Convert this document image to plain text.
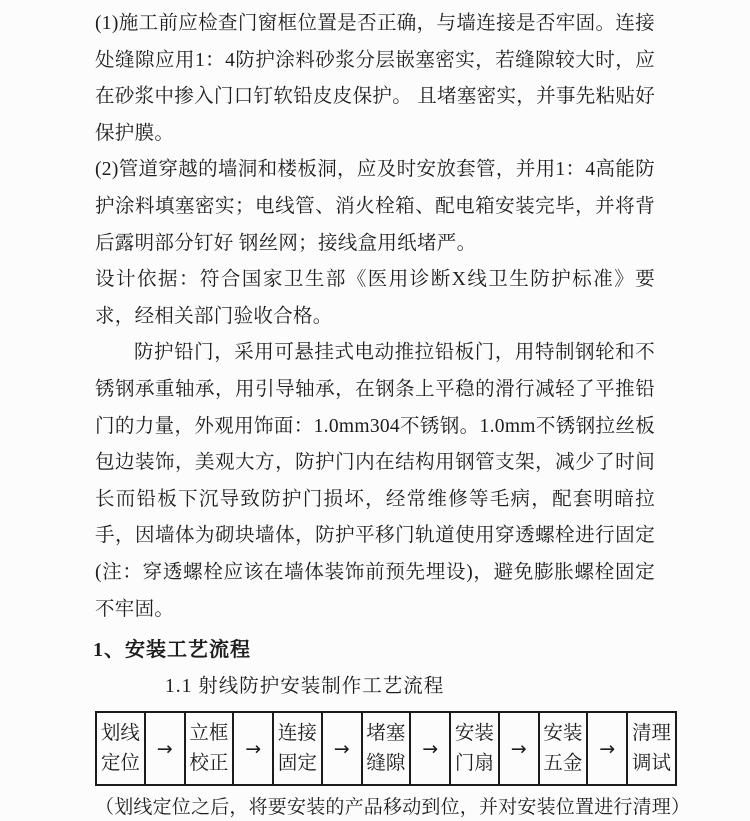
(1)施工前应检查门窗框位置是否正确，与墙连接是否牢固。连接处缝隙应用1：4防护涂料砂浆分层嵌塞密实，若缝隙较大时，应在砂浆中掺入门口钉软铅皮皮保护。 且堵塞密实，并事先粘贴好保护膜。

(2)管道穿越的墙洞和楼板洞，应及时安放套管，并用1：4高能防护涂料填塞密实；电线管、消火栓箱、配电箱安装完毕，并将背后露明部分钉好 钢丝网；接线盒用纸堵严。

设计依据：符合国家卫生部《医用诊断X线卫生防护标准》要求，经相关部门验收合格。

防护铅门，采用可悬挂式电动推拉铅板门，用特制钢轮和不锈钢承重轴承，用引导轴承，在钢条上平稳的滑行减轻了平推铅门的力量，外观用饰面：1.0mm304不锈钢。1.0mm不锈钢拉丝板包边装饰，美观大方，防护门内在结构用钢管支架，减少了时间长而铅板下沉导致防护门损坏，经常维修等毛病，配套明暗拉手，因墙体为砌块墙体，防护平移门轨道使用穿透螺栓进行固定(注：穿透螺栓应该在墙体装饰前预先埋设)，避免膨胀螺栓固定不牢固。

1、安装工艺流程

1.1 射线防护安装制作工艺流程

划线定位	→	立框校正	→	连接固定	→	堵塞缝隙	→	安装门扇	→	安装五金	→	清理调试

（划线定位之后，将要安装的产品移动到位，并对安装位置进行清理）
